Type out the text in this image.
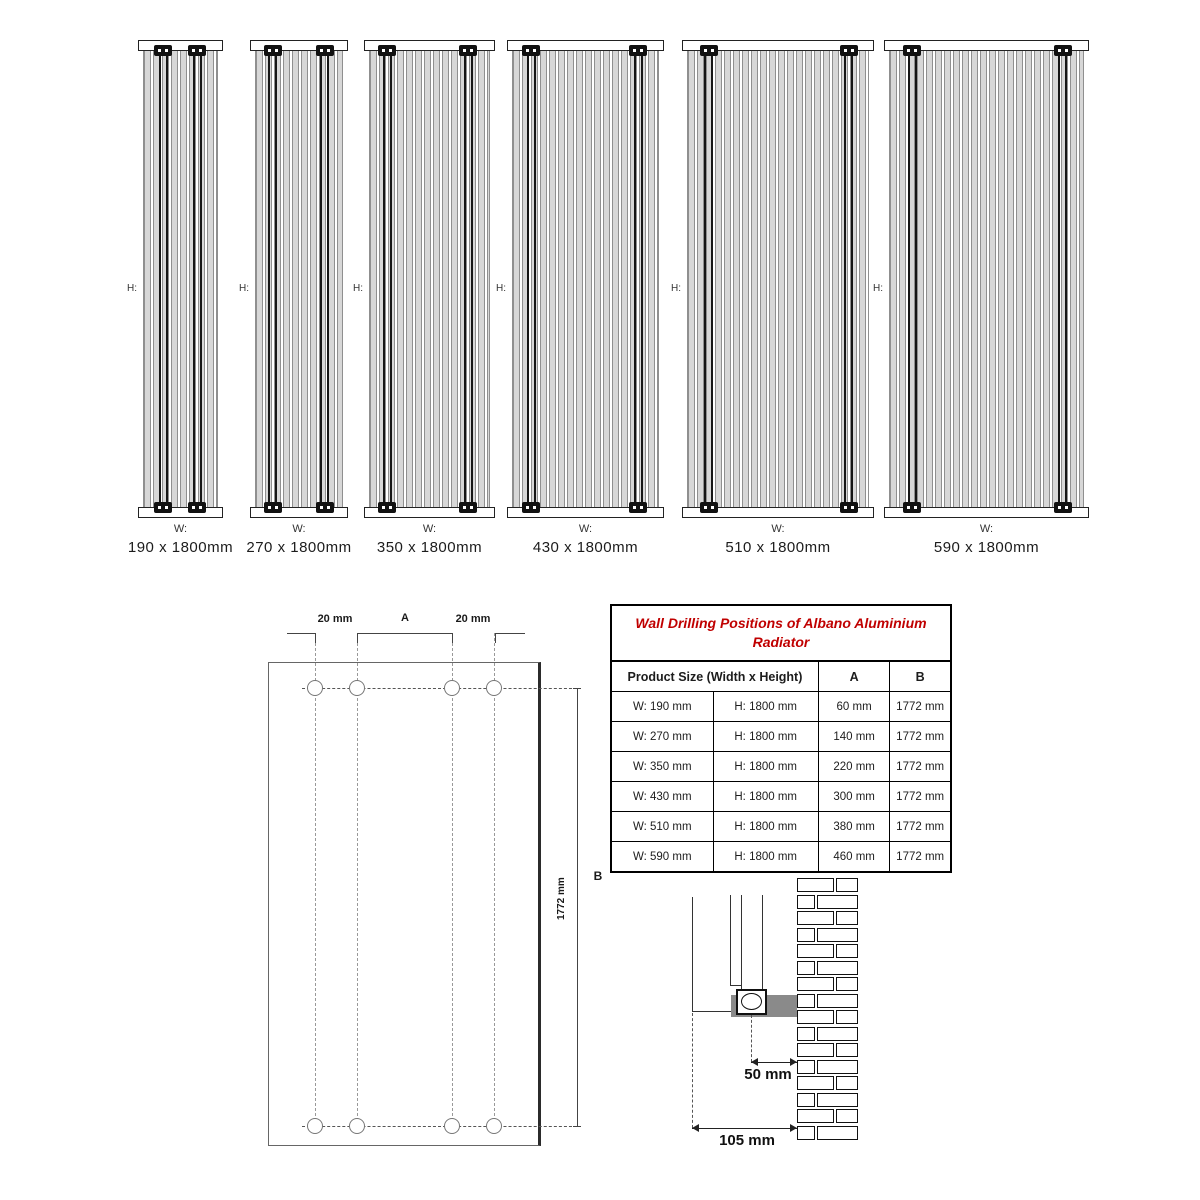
H:
W:
190 x 1800mm
H:
W:
270 x 1800mm
H:
W:
350 x 1800mm
H:
W:
430 x 1800mm
H:
W:
510 x 1800mm
H:
W:
590 x 1800mm
20 mm	A	20 mm
1772 mm
B
Wall Drilling Positions of Albano Aluminium Radiator			
Product Size (Width x Height)		A	B
W: 190 mm	H: 1800 mm	60 mm	1772 mm
W: 270 mm	H: 1800 mm	140 mm	1772 mm
W: 350 mm	H: 1800 mm	220 mm	1772 mm
W: 430 mm	H: 1800 mm	300 mm	1772 mm
W: 510 mm	H: 1800 mm	380 mm	1772 mm
W: 590 mm	H: 1800 mm	460 mm	1772 mm
50 mm
105 mm
